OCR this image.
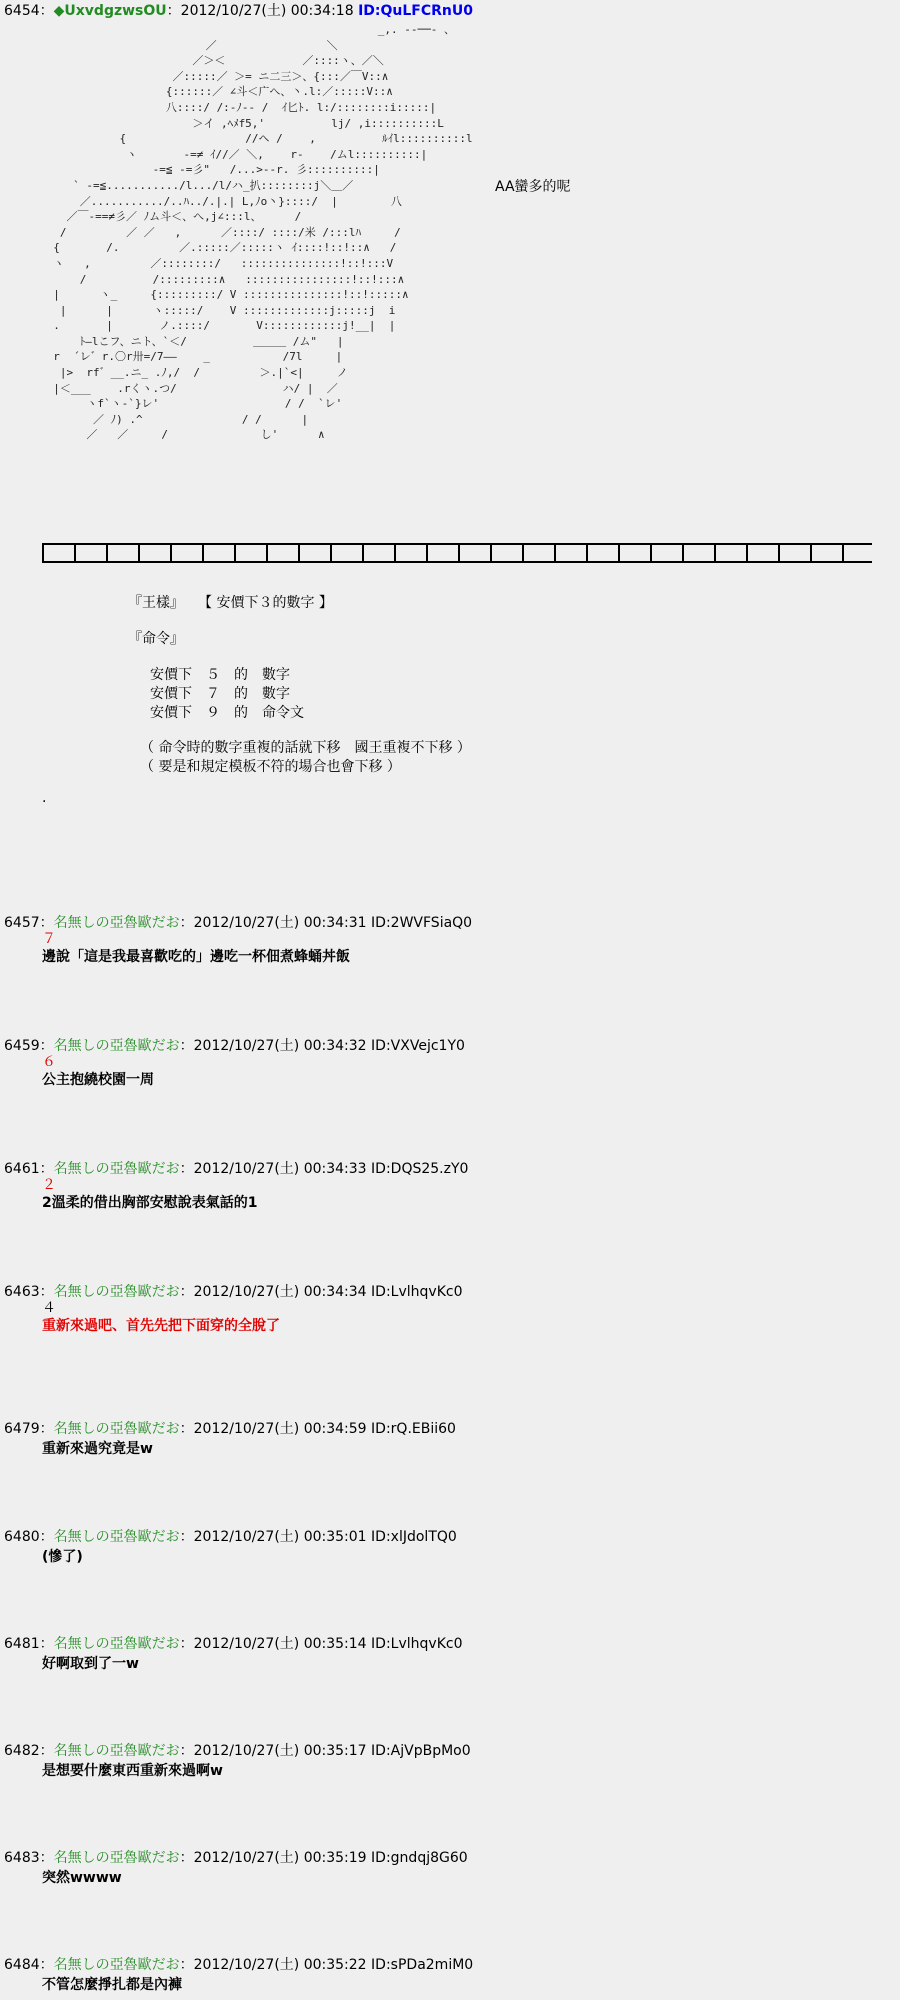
6454：◆UxvdgzwsOU：2012/10/27(土) 00:34:18 ID:QuLFCRnU0
_,. --──- 、
／　　　　　　　　　　＼
／＞＜　　　　　　　／::::ヽ、／＼
／:::::／ ＞= ニ二三＞、{:::／￣V::∧
{::::::／ ∠斗＜广へ、丶.l:／:::::V::∧
八::::/ /:-ﾉ-- /  ｲ匕ﾄ. l:/::::::::i:::::|
＞イ ,ﾍﾒf5,'          lj/ ,i::::::::::L
{                  //ヘ /    ,          ﾙｲl::::::::::l
ヽ       -=≠ ｲ//／ ＼,    r-    /ムl::::::::::|
‐=≦ -=彡"   /...>--r. 彡::::::::::|
` -=≦.........../l.../l/ハ_扒::::::::j＼＿／
／.........../..ﾊ../.|.| L,ﾉo丶}::::/  |        八
／￣‐==≠彡／ ﾉム斗＜、へ,j∠:::l、     /
/         ／ ／   ,      ／::::/ ::::/米 /:::lﾊ     /
{       /.         ／.:::::／:::::ヽ ｲ::::!::!::∧   /
ヽ   ,         ／::::::::/   :::::::::::::::!::!:::V
/          /:::::::::∧   ::::::::::::::::!::!:::∧
|      ヽ_     {:::::::::/ V :::::::::::::::!::!:::::∧
|      |      ヽ:::::/    V :::::::::::::j:::::j  i
.       |       ノ.::::/       V::::::::::::j!__|  |
ﾄ―lこフ、ニト、`＜/          ＿＿＿ /ム"   |
r  ´レ゛r.〇r卅=/7――    _           /7l     |
|>  rf゛__.ニ_ .ﾉ,/  /         ＞.|`<|     ノ
|＜___    .rくヽ.つ/                ハ/ |  ／
ヽf`ヽ‐`}レ'                   / /  `レ'
／ ﾉ) .^               / /      |
／   ／     /              し'      ∧

AA蠻多的呢
『王樣』　　【 安價下３的數字 】
『命令』
安價下　５　的　數字
安價下　７　的　數字
安價下　９　的　命令文
（ 命令時的數字重複的話就下移　國王重複不下移 ）
（ 要是和規定模板不符的場合也會下移 ）
.
6457：名無しの亞魯歐だお：2012/10/27(土) 00:34:31 ID:2WVFSiaQ0
７
邊說「這是我最喜歡吃的」邊吃一杯佃煮蜂蛹丼飯
6459：名無しの亞魯歐だお：2012/10/27(土) 00:34:32 ID:VXVejc1Y0
６
公主抱繞校園一周
6461：名無しの亞魯歐だお：2012/10/27(土) 00:34:33 ID:DQS25.zY0
２
2溫柔的借出胸部安慰說表氣話的1
6463：名無しの亞魯歐だお：2012/10/27(土) 00:34:34 ID:LvlhqvKc0
４
重新來過吧、首先先把下面穿的全脫了
6479：名無しの亞魯歐だお：2012/10/27(土) 00:34:59 ID:rQ.EBii60
重新來過究竟是w
6480：名無しの亞魯歐だお：2012/10/27(土) 00:35:01 ID:xlJdolTQ0
(慘了)
6481：名無しの亞魯歐だお：2012/10/27(土) 00:35:14 ID:LvlhqvKc0
好啊取到了一w
6482：名無しの亞魯歐だお：2012/10/27(土) 00:35:17 ID:AjVpBpMo0
是想要什麼東西重新來過啊w
6483：名無しの亞魯歐だお：2012/10/27(土) 00:35:19 ID:gndqj8G60
突然wwww
6484：名無しの亞魯歐だお：2012/10/27(土) 00:35:22 ID:sPDa2miM0
不管怎麼掙扎都是內褲
